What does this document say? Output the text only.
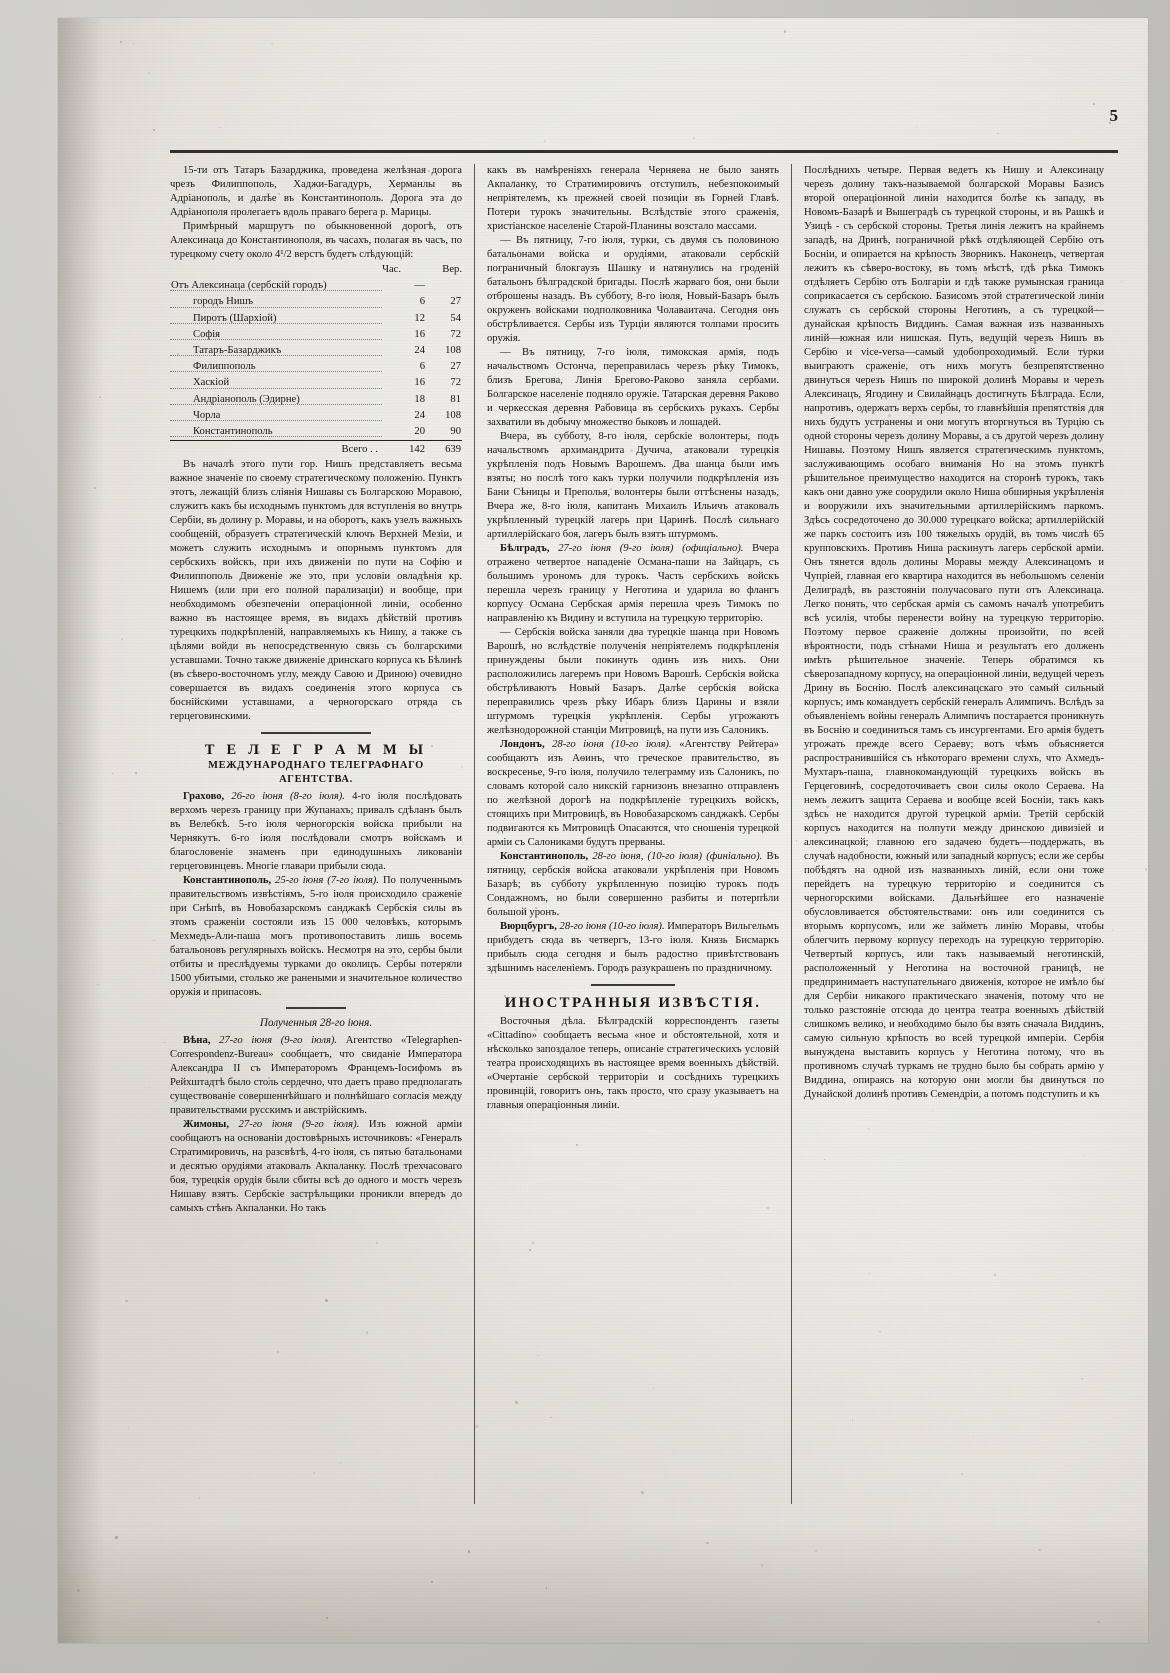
5

15-ти отъ Татаръ Базарджика, проведена желѣзная дорога чрезъ Филиппополь, Хаджи-Багадуръ, Херманлы въ Адріанополь, и далѣе въ Константинополь. Дорога эта до Адріанополя пролегаетъ вдоль праваго берега р. Марицы.

Примѣрный маршрутъ по обыкновенной дорогѣ, отъ Алексинаца до Константинополя, въ часахъ, полагая въ часъ, по турецкому счету около 4¹/2 верстъ будетъ слѣдующій:

	Час.	Вер.

Отъ Алексинаца (сербскій городъ)	—	

городъ Нишъ	6	27

Пиротъ (Шархіой)	12	54

Софія	16	72

Татаръ-Базарджикъ	24	108

Филиппополь	6	27

Хаскіой	16	72

Андріанополь (Эдирне)	18	81

Чорла	24	108

Константинополь	20	90
Всего . .	142	639

Въ началѣ этого пути гор. Нишъ представляетъ весьма важное значеніе по своему стратегическому положенію. Пунктъ этотъ, лежащій близъ сліянія Нишавы съ Болгарскою Моравою, служитъ какъ бы исходнымъ пунктомъ для вступленія во внутрь Сербіи, въ долину р. Моравы, и на оборотъ, какъ узелъ важныхъ сообщеній, образуетъ стратегическій ключъ Верхней Мезіи, и можетъ служить исходнымъ и опорнымъ пунктомъ для сербскихъ войскъ, при ихъ движеніи по пути на Софію и Филиппополь Движеніе же это, при условіи овладѣнія кр. Нишемъ (или при его полной парализаціи) и вообще, при необходимомъ обезпеченіи операціонной линіи, особенно важно въ настоящее время, въ видахъ дѣйствій противъ турецкихъ подкрѣпленій, направляемыхъ къ Нишу, а также съ цѣлями войди въ непосредственную связь съ болгарскими уставшами. Точно также движеніе дринскаго корпуса къ Бѣлинѣ (въ сѣверо-восточномъ углу, между Савою и Дриною) очевидно совершается въ видахъ соединенія этого корпуса съ боснійскими уставшами, а черногорскаго отряда съ герцеговинскими.

Т Е Л Е Г Р А М М Ы
МЕЖДУНАРОДНАГО ТЕЛЕГРАФНАГО АГЕНТСТВА.

Граxово, 26-го іюня (8-го іюля). 4-го іюля послѣдовать верхомъ черезъ границу при Жупанахъ; привалъ сдѣланъ былъ въ Велебкѣ. 5-го іюля черногорскія войска прибыли на Чернякутъ. 6-го іюля послѣдовали смотръ войскамъ и благословеніе знаменъ при единодушныхъ ликованіи герцеговинцевъ. Многіе главари прибыли сюда.

Константинополь, 25-го іюня (7-го іюля). По полученнымъ правительствомъ извѣстіямъ, 5-го іюля происходило сраженіе при Снѣпѣ, въ Новобазарскомъ санджакѣ Сербскія силы въ этомъ сраженіи состояли изъ 15 000 человѣкъ, которымъ Мехмедъ-Али-паша могъ противопоставить лишь восемь батальоновъ регулярныхъ войскъ. Несмотря на это, сербы были отбиты и преслѣдуемы турками до околицъ. Сербы потеряли 1500 убитыми, столько же ранеными и значительное количество оружія и припасовъ.

Полученныя 28-го іюня.

Вѣна, 27-го іюня (9-го іюля). Агентство «Telegraphen-Correspondenz-Bureau» сообщаетъ, что свиданіе Императора Александра II съ Императоромъ Францемъ-Іосифомъ въ Рейхштадтѣ было столь сердечно, что даетъ право предполагать существованіе совершеннѣйшаго и полнѣйшаго согласія между правительствами русскимъ и австрійскимъ.

Жимоны, 27-го іюня (9-го іюля). Изъ южной арміи сообщаютъ на основаніи достовѣрныхъ источниковъ: «Генералъ Стратимировичъ, на разсвѣтѣ, 4-го іюля, съ пятью батальонами и десятью орудіями атаковалъ Акпаланку. Послѣ трехчасоваго боя, турецкія орудія были сбиты всѣ до одного и мостъ черезъ Нишаву взятъ. Сербскіе застрѣльщики проникли впередъ до самыхъ стѣнъ Акпаланки. Но такъ

какъ въ намѣреніяхъ генерала Черняева не было занять Акпаланку, то Стратимировичъ отступилъ, небезпокоимый непріятелемъ, къ прежней своей позиціи въ Горней Главѣ. Потери турокъ значительны. Вслѣдствіе этого сраженія, христіанское населеніе Старой-Планины возстало массами.

— Въ пятницу, 7-го іюля, турки, съ двумя съ половиною батальонами войска и орудіями, атаковали сербскій пограничный блокгаузъ Шашку и натянулись на гроденій батальонъ бѣлградской бригады. Послѣ жарваго боя, они были отброшены назадъ. Въ субботу, 8-го іюля, Новый-Базаръ былъ окруженъ войсками подполковника Чолаваитача. Сегодня онъ обстрѣливается. Сербы изъ Турціи являются толпами просить оружія.

— Въ пятницу, 7-го іюля, тимокская армія, подъ начальствомъ Остонча, переправилась черезъ рѣку Тимокъ, близъ Брегова, Линія Брегово-Раково заняла сербами. Болгарское населеніе подняло оружіе. Татарская деревня Раково и черкесская деревня Рабовица въ сербскихъ рукахъ. Сербы захватили въ добычу множество быковъ и лошадей.

Вчера, въ субботу, 8-го іюля, сербскіе волонтеры, подъ начальствомъ архимандрита Дучича, атаковали турецкія укрѣпленія подъ Новымъ Варошемъ. Два шанца были имъ взяты; но послѣ того какъ турки получили подкрѣпленія изъ Бани Сѣницы и Преполья, волонтеры были оттѣснены назадъ, Вчера же, 8-го іюля, капитанъ Михаилъ Ильичъ атаковалъ укрѣпленный турецкій лагерь при Царинѣ. Послѣ сильнаго артиллерійскаго боя, лагеръ былъ взятъ штурмомъ.

Бѣлградъ, 27-го іюня (9-го іюля) (офиціально). Вчера отражено четвертое нападеніе Османа-паши на Зайцаръ, съ большимъ урономъ для турокъ. Часть сербскихъ войскъ перешла черезъ границу у Неготина и ударила во флангъ корпусу Османа Сербская армія перешла чрезъ Тимокъ по направленію къ Видину и вступила на турецкую территорію.

— Сербскія войска заняли два турецкіе шанца при Новомъ Варошѣ, но вслѣдствіе полученія непріятелемъ подкрѣпленія принуждены были покинуть одинъ изъ нихъ. Они расположились лагеремъ при Новомъ Варошѣ. Сербскія войска обстрѣливаютъ Новый Базаръ. Далѣе сербскія войска переправились чрезъ рѣку Ибаръ близъ Царины и взяли штурмомъ турецкія укрѣпленія. Сербы угрожаютъ желѣзнодорожной станціи Митровицѣ, на пути изъ Салоникъ.

Лондонъ, 28-го іюня (10-го іюля). «Агентству Рейтера» сообщаютъ изъ Аѳинъ, что греческое правительство, въ воскресенье, 9-го іюля, получило телеграмму изъ Салоникъ, по словамъ которой сало никскій гарнизонъ внезапно отправленъ по желѣзной дорогѣ на подкрѣпленіе турецкихъ войскъ, стоящихъ при Митровицѣ, въ Новобазарскомъ санджакѣ. Сербы подвигаются къ Митровицѣ Опасаются, что сношенія турецкой арміи съ Салониками будутъ прерваны.

Константинополь, 28-го іюня, (10-го іюля) (финіально). Въ пятницу, сербскія войска атаковали укрѣпленія при Новомъ Базарѣ; въ субботу укрѣпленную позицію турокъ подъ Сондажномъ, но были совершенно разбиты и потерпѣли большой уронъ.

Вюрцбургъ, 28-го іюня (10-го іюля). Императоръ Вильгельмъ прибудетъ сюда въ четвергъ, 13-го іюля. Князь Бисмаркъ прибылъ сюда сегодня и былъ радостно привѣтствованъ здѣшнимъ населеніемъ. Городъ разукрашенъ по праздничному.

ИНОСТРАННЫЯ ИЗВѢСТІЯ.

Восточныя дѣла. Бѣлградскій корреспондентъ газеты «Cittadino» сообщаетъ весьма «ное и обстоятельной, хотя и нѣсколько запоздалое теперь, описаніе стратегическихъ условій театра происходящихъ въ настоящее время военныхъ дѣйствій. «Очертаніе сербской территоріи и сосѣднихъ турецкихъ провинцій, говоритъ онъ, такъ просто, что сразу указываетъ на главныя операціонныя линіи.

Послѣднихъ четыре. Первая ведетъ къ Нишу и Алексинацу черезъ долину такъ-называемой болгарской Моравы Базисъ второй операціонной линіи находится болѣе къ западу, въ Новомъ-Базарѣ и Вышеградѣ съ турецкой стороны, и въ Рашкѣ и Узицѣ - съ сербской стороны. Третья линія лежитъ на крайнемъ западѣ, на Дринѣ, пограничной рѣкѣ отдѣляющей Сербію отъ Босніи, и опирается на крѣпость Зворникъ. Наконецъ, четвертая лежитъ къ сѣверо-востоку, въ томъ мѣстѣ, гдѣ рѣка Тимокъ отдѣляетъ Сербію отъ Болгаріи и гдѣ также румынская граница соприкасается съ сербскою. Базисомъ этой стратегической линіи служатъ съ сербской стороны Неготинъ, а съ турецкой—дунайская крѣпость Виддинъ. Самая важная изъ названныхъ линій—южная или нишская. Путь, ведущій черезъ Нишъ въ Сербію и vice-versa—самый удобопроходимый. Если турки выиграютъ сраженіе, отъ нихъ могутъ безпрепятственно двинуться черезъ Нишъ по широкой долинѣ Моравы и черезъ Алексинацъ, Ягодину и Свилайнацъ достигнуть Бѣлграда. Если, напротивъ, одержатъ верхъ сербы, то главнѣйшія препятствія для нихъ будутъ устранены и они могутъ вторгнуться въ Турцію съ одной стороны черезъ долину Моравы, а съ другой черезъ долину Нишавы. Поэтому Нишъ является стратегическимъ пунктомъ, заслуживающимъ особаго вниманія Но на этомъ пунктѣ рѣшительное преимущество находится на сторонѣ турокъ, такъ какъ они давно уже соорудили около Ниша обширныя укрѣпленія и вооружили ихъ значительными артиллерійскимъ паркомъ. Здѣсь сосредоточено до 30.000 турецкаго войска; артиллерійскій же паркъ состоитъ изъ 100 тяжелыхъ орудій, въ томъ числѣ 65 крупповскихъ. Противъ Ниша раскинутъ лагерь сербской арміи. Онъ тянется вдоль долины Моравы между Алексинацомъ и Чупріей, главная его квартира находится въ небольшомъ селеніи Делиградѣ, въ разстояніи получасоваго пути отъ Алексинаца. Легко понять, что сербская армія съ самомъ началѣ употребитъ всѣ усилія, чтобы перенести войну на турецкую территорію. Поэтому первое сраженіе должны произойти, по всей вѣроятности, подъ стѣнами Ниша и результатъ его долженъ имѣть рѣшительное значеніе. Теперь обратимся къ сѣверозападному корпусу, на операціонной линіи, ведущей черезъ Дрину въ Боснію. Послѣ алексинацскаго это самый сильный корпусъ; имъ командуетъ сербскій генералъ Алимпичъ. Вслѣдъ за объявленіемъ войны генералъ Алимпичъ постарается проникнуть въ Боснію и соединиться тамъ съ инсургентами. Его армія будетъ угрожать прежде всего Сераеву; вотъ чѣмъ объясняется распространившійся съ нѣкотораго времени слухъ, что Ахмедъ-Мухтаръ-паша, главнокомандующій турецкихъ войскъ въ Герцеговинѣ, сосредоточиваетъ свои силы около Сераева. На немъ лежитъ защита Сераева и вообще всей Босніи, такъ какъ здѣсь не находится другой турецкой арміи. Третій сербскій корпусъ находится на полпути между дринскою дивизіей и алексинацкой; главною его задачею будетъ—поддержать, въ случаѣ надобности, южный или западный корпусъ; если же сербы побѣдятъ на одной изъ названныхъ линій, если они тоже перейдетъ на турецкую территорію и соединится съ черногорскими войсками. Дальнѣйшее его назначеніе обусловливается обстоятельствами: онъ или соединится съ вторымъ корпусомъ, или же займетъ линію Моравы, чтобы облегчить первому корпусу переходъ на турецкую территорію. Четвертый корпусъ, или такъ называемый неготинскій, расположенный у Неготина на восточной границѣ, не предпринимаетъ наступательнаго движенія, которое не имѣло бы для Сербіи никакого практическаго значенія, потому что не только разстояніе отсюда до центра театра военныхъ дѣйствій слишкомъ велико, и необходимо было бы взять сначала Виддинъ, самую сильную крѣпость во всей турецкой имперіи. Сербія вынуждена выставить корпусъ у Неготина потому, что въ противномъ случаѣ туркамъ не трудно было бы собрать армію у Виддина, опираясь на которую они могли бы двинуться по Дунайской долинѣ противъ Семендріи, а потомъ подступить и къ
